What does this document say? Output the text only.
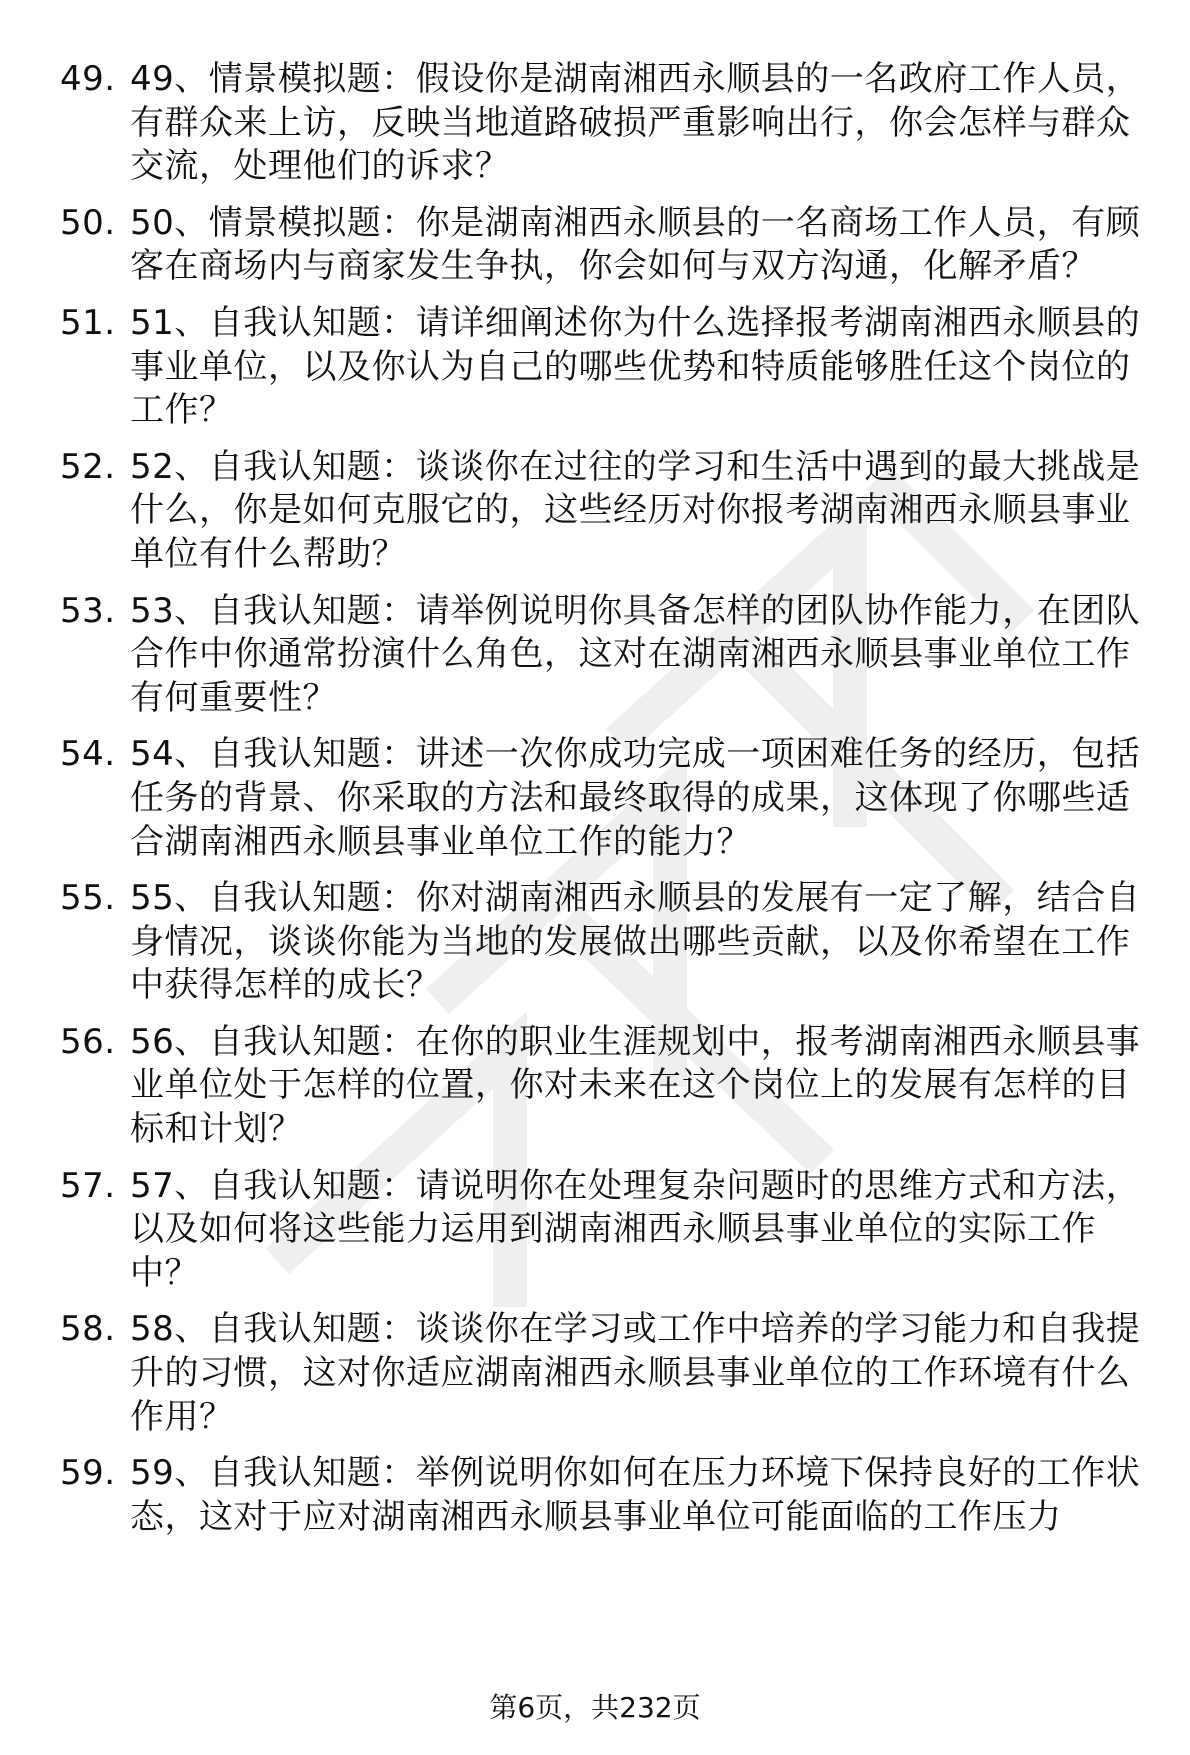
49. 49、情景模拟题：假设你是湖南湘西永顺县的一名政府工作人员，有群众来上访，反映当地道路破损严重影响出行，你会怎样与群众交流，处理他们的诉求？
50. 50、情景模拟题：你是湖南湘西永顺县的一名商场工作人员，有顾客在商场内与商家发生争执，你会如何与双方沟通，化解矛盾？
51. 51、自我认知题：请详细阐述你为什么选择报考湖南湘西永顺县的事业单位，以及你认为自己的哪些优势和特质能够胜任这个岗位的工作？
52. 52、自我认知题：谈谈你在过往的学习和生活中遇到的最大挑战是什么，你是如何克服它的，这些经历对你报考湖南湘西永顺县事业单位有什么帮助？
53. 53、自我认知题：请举例说明你具备怎样的团队协作能力，在团队合作中你通常扮演什么角色，这对在湖南湘西永顺县事业单位工作有何重要性？
54. 54、自我认知题：讲述一次你成功完成一项困难任务的经历，包括任务的背景、你采取的方法和最终取得的成果，这体现了你哪些适合湖南湘西永顺县事业单位工作的能力？
55. 55、自我认知题：你对湖南湘西永顺县的发展有一定了解，结合自身情况，谈谈你能为当地的发展做出哪些贡献，以及你希望在工作中获得怎样的成长？
56. 56、自我认知题：在你的职业生涯规划中，报考湖南湘西永顺县事业单位处于怎样的位置，你对未来在这个岗位上的发展有怎样的目标和计划？
57. 57、自我认知题：请说明你在处理复杂问题时的思维方式和方法，以及如何将这些能力运用到湖南湘西永顺县事业单位的实际工作中？
58. 58、自我认知题：谈谈你在学习或工作中培养的学习能力和自我提升的习惯，这对你适应湖南湘西永顺县事业单位的工作环境有什么作用？
59. 59、自我认知题：举例说明你如何在压力环境下保持良好的工作状态，这对于应对湖南湘西永顺县事业单位可能面临的工作压力
第6页，共232页
